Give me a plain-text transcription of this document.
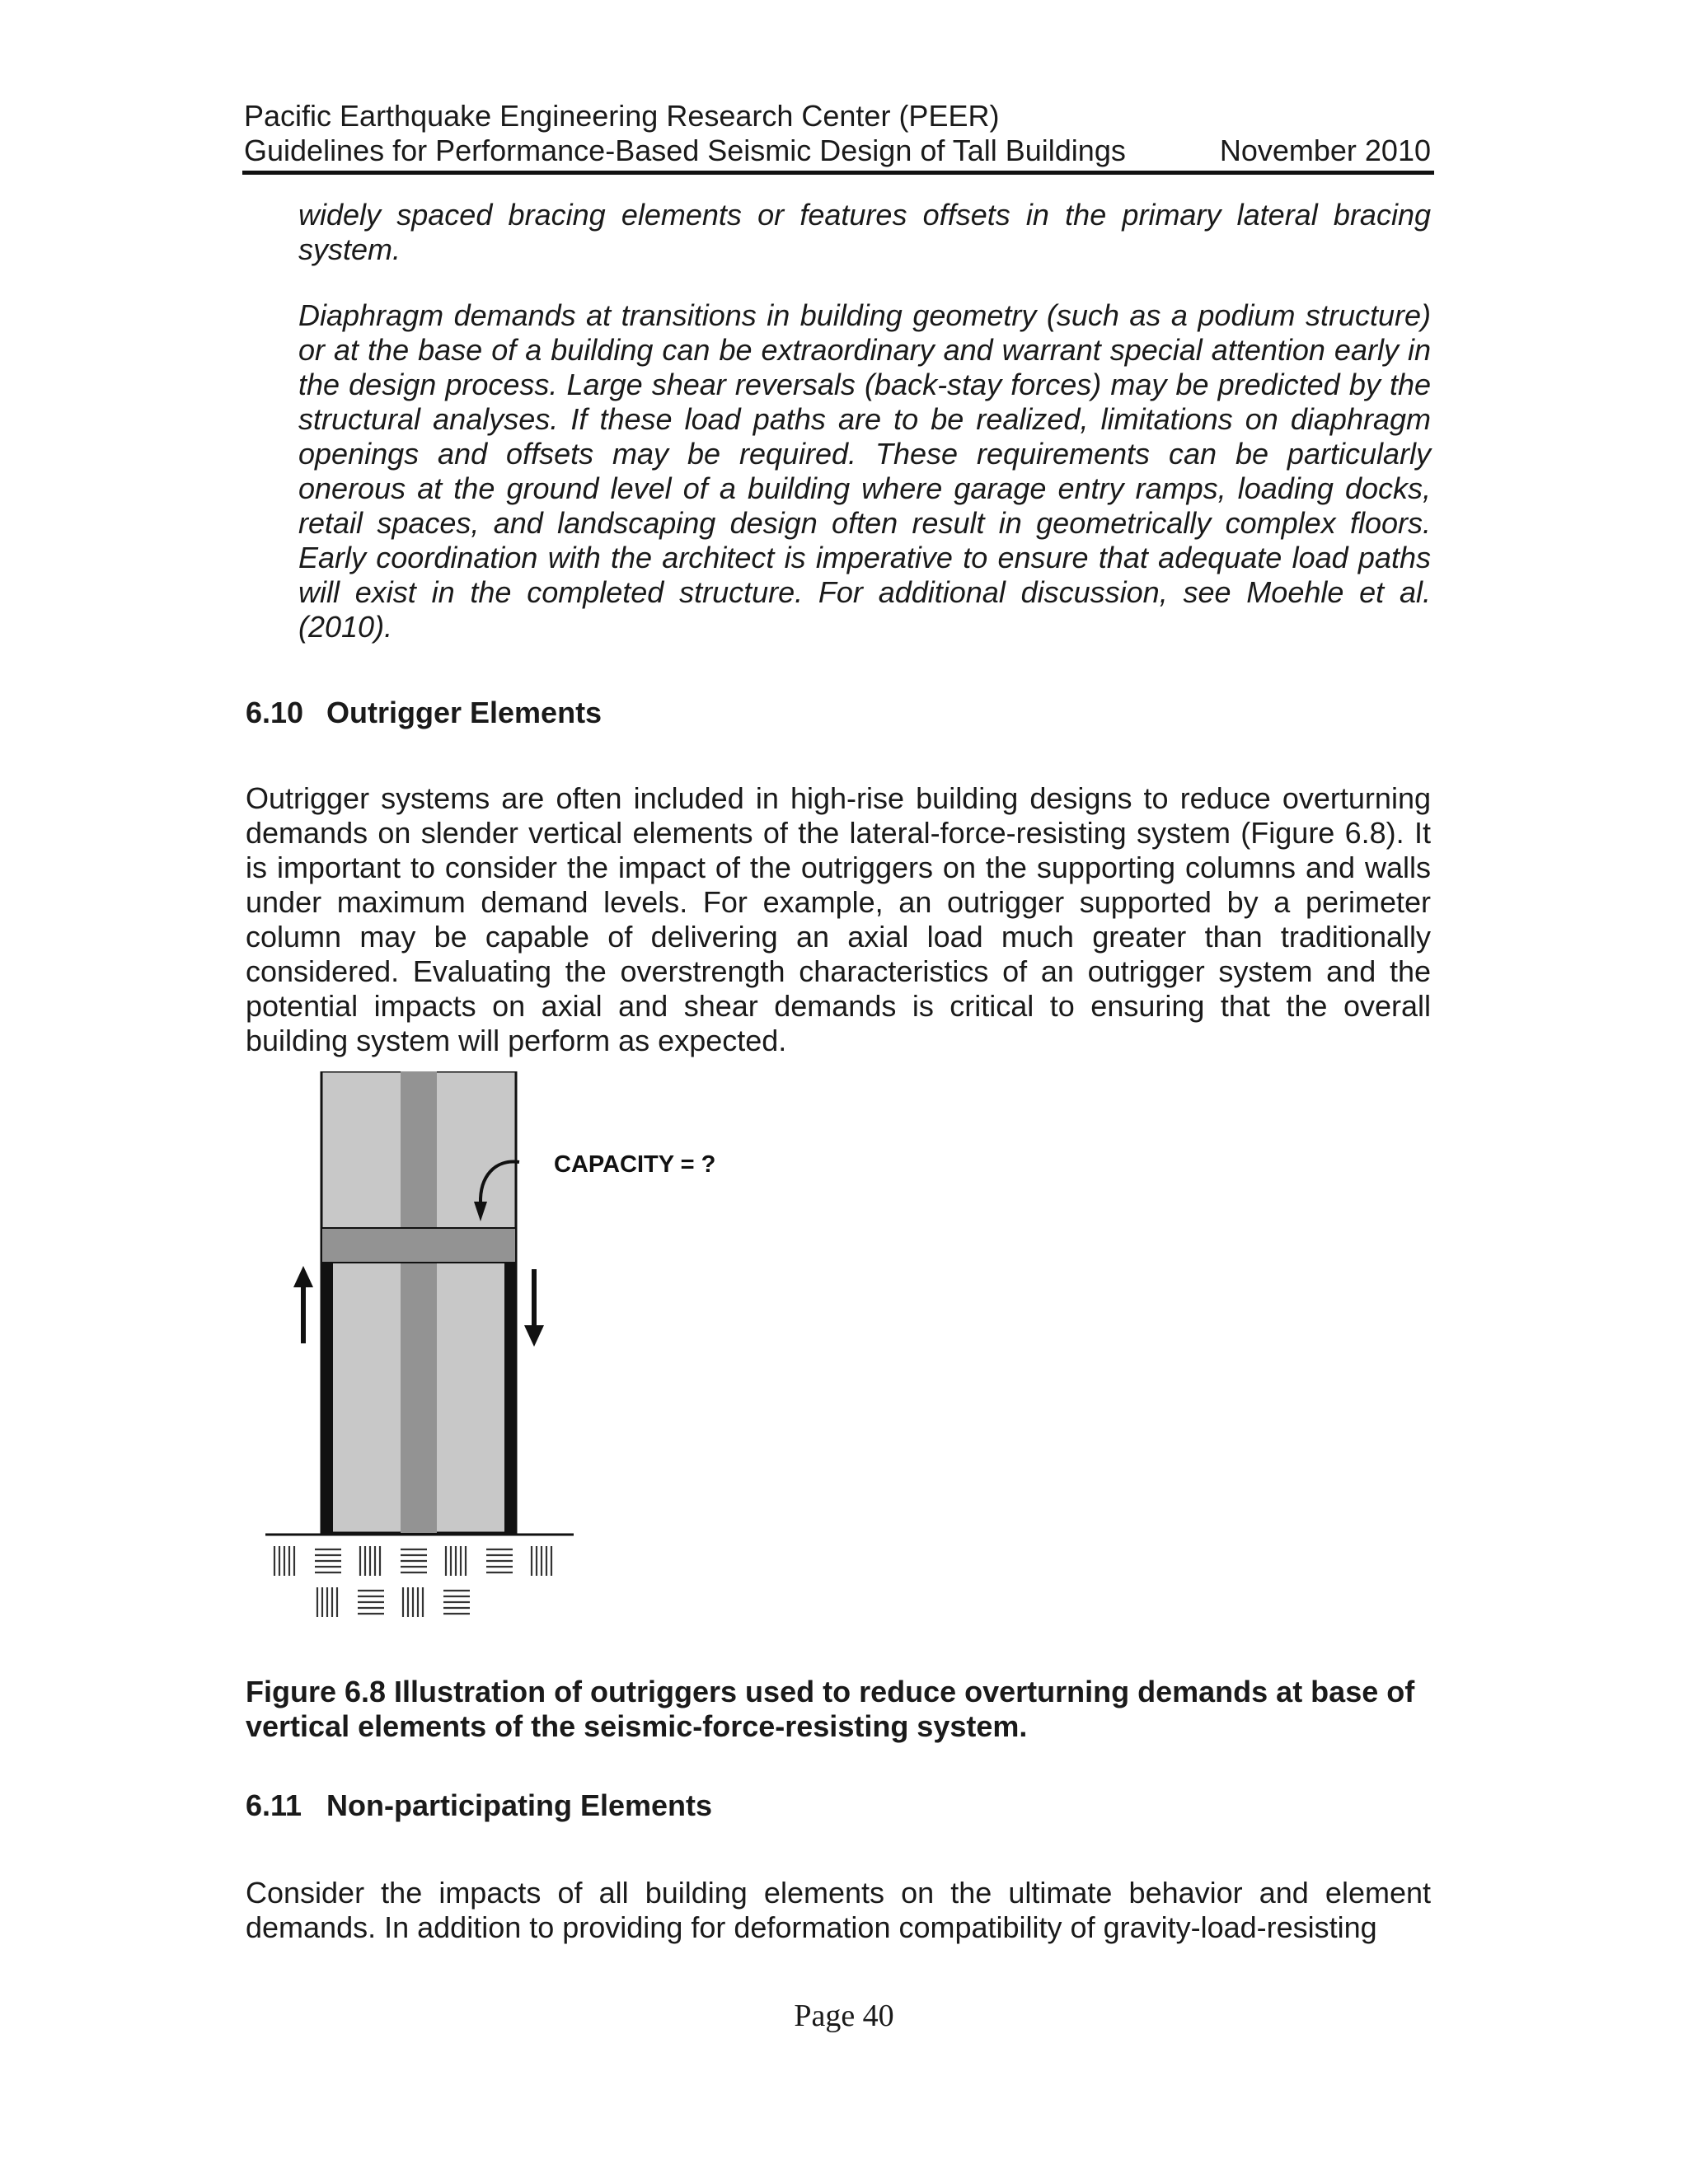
Pacific Earthquake Engineering Research Center (PEER)
Guidelines for Performance-Based Seismic Design of Tall Buildings	November 2010

widely spaced bracing elements or features offsets in the primary lateral bracing system.

Diaphragm demands at transitions in building geometry (such as a podium structure) or at the base of a building can be extraordinary and warrant special attention early in the design process. Large shear reversals (back-stay forces) may be predicted by the structural analyses. If these load paths are to be realized, limitations on diaphragm openings and offsets may be required. These requirements can be particularly onerous at the ground level of a building where garage entry ramps, loading docks, retail spaces, and landscaping design often result in geometrically complex floors. Early coordination with the architect is imperative to ensure that adequate load paths will exist in the completed structure. For additional discussion, see Moehle et al. (2010).

6.10 Outrigger Elements

Outrigger systems are often included in high-rise building designs to reduce overturning demands on slender vertical elements of the lateral-force-resisting system (Figure 6.8). It is important to consider the impact of the outriggers on the supporting columns and walls under maximum demand levels. For example, an outrigger supported by a perimeter column may be capable of delivering an axial load much greater than traditionally considered. Evaluating the overstrength characteristics of an outrigger system and the potential impacts on axial and shear demands is critical to ensuring that the overall building system will perform as expected.

CAPACITY = ?

Figure 6.8 Illustration of outriggers used to reduce overturning demands at base of vertical elements of the seismic-force-resisting system.

6.11 Non-participating Elements

Consider the impacts of all building elements on the ultimate behavior and element demands. In addition to providing for deformation compatibility of gravity-load-resisting

Page 40
